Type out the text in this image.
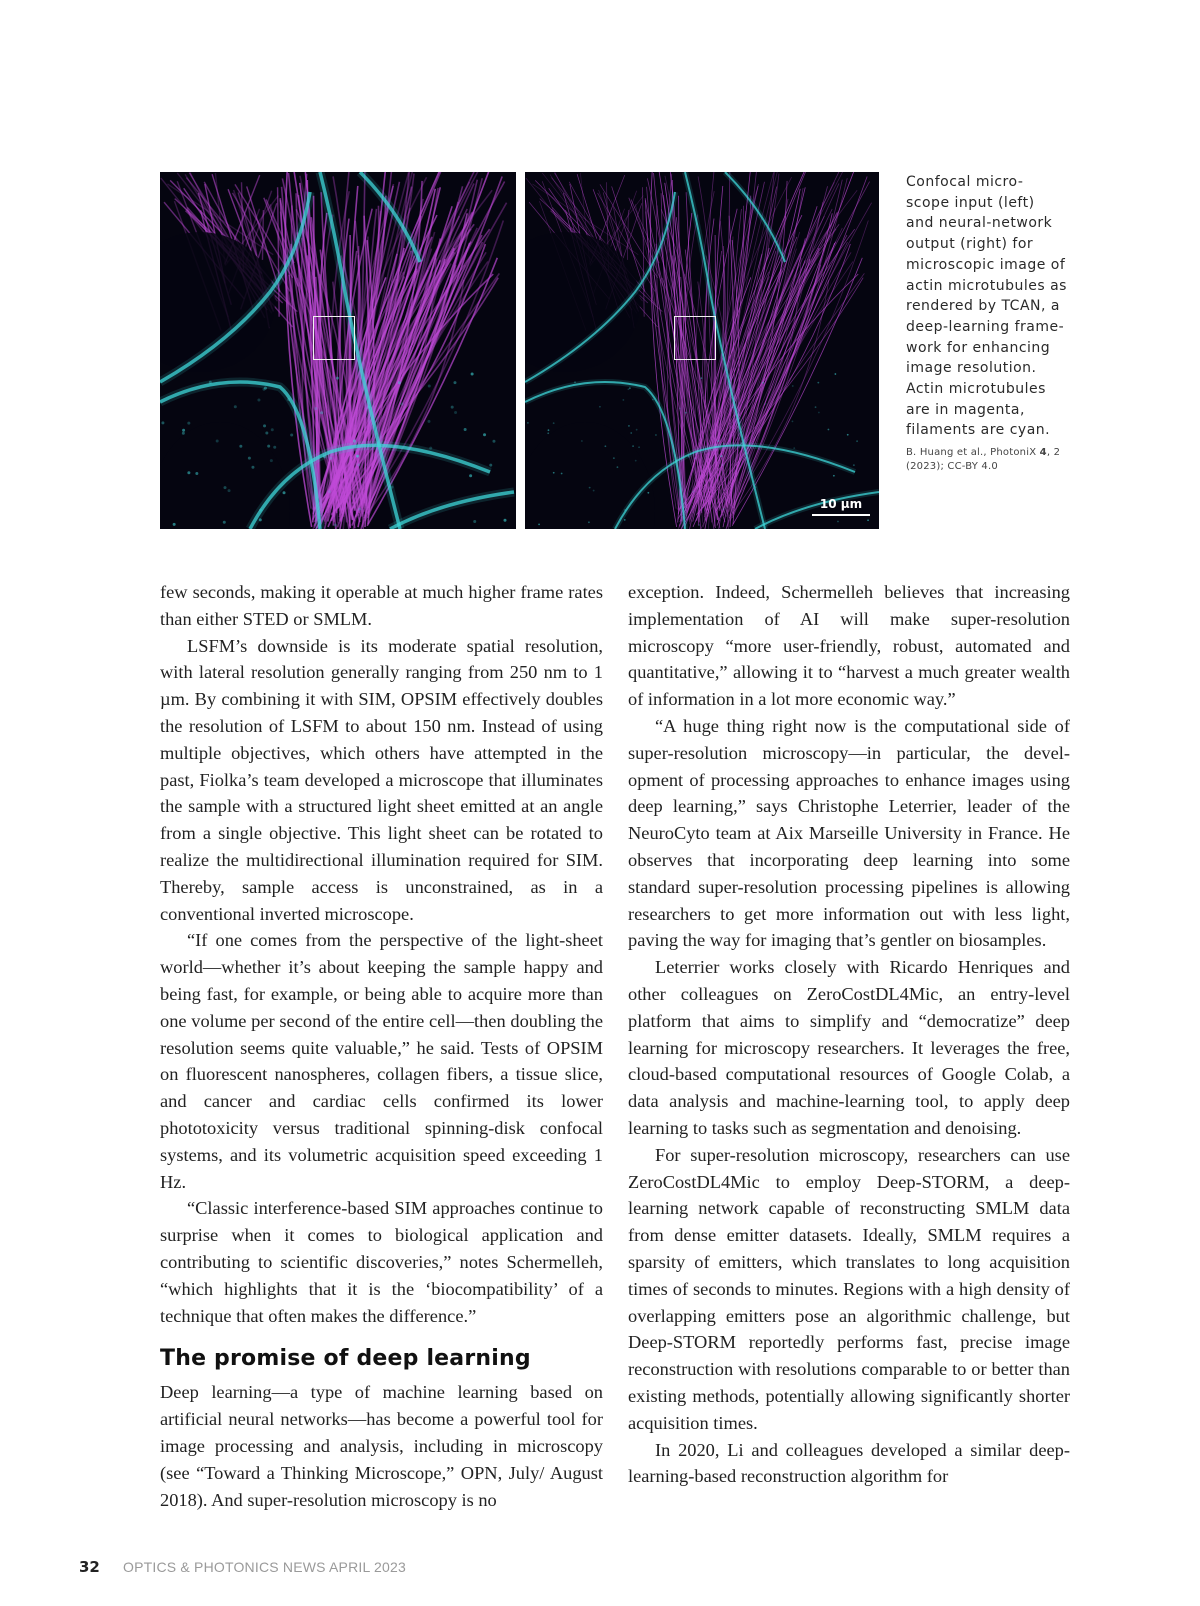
10 µm
Confocal micro-
scope input (left)
and neural-network
output (right) for
microscopic image of
actin microtubules as
rendered by TCAN, a
deep-learning frame-
work for enhancing
image resolution.
Actin microtubules
are in magenta,
filaments are cyan.
B. Huang et al., PhotoniX 4, 2 (2023); CC-BY 4.0

few seconds, making it operable at much higher frame rates than either STED or SMLM.

LSFM’s downside is its moderate spatial resolution, with lateral resolution generally ranging from 250 nm to 1 µm. By combining it with SIM, OPSIM effectively doubles the resolution of LSFM to about 150 nm. Instead of using multiple objectives, which others have attempted in the past, Fiolka’s team developed a microscope that illuminates the sample with a structured light sheet emitted at an angle from a single objective. This light sheet can be rotated to realize the multidirectional illumination required for SIM. Thereby, sample access is unconstrained, as in a conventional inverted microscope.

“If one comes from the perspective of the light-sheet world—whether it’s about keeping the sample happy and being fast, for example, or being able to acquire more than one volume per second of the entire cell—then doubling the resolution seems quite valuable,” he said. Tests of OPSIM on fluorescent nanospheres, collagen fibers, a tissue slice, and cancer and cardiac cells confirmed its lower phototoxicity versus traditional spinning-disk confocal systems, and its volumetric acquisition speed exceeding 1 Hz.

“Classic interference-based SIM approaches continue to surprise when it comes to biological application and contributing to scientific discoveries,” notes Schermelleh, “which highlights that it is the ‘biocompatibility’ of a technique that often makes the difference.”

The promise of deep learning

Deep learning—a type of machine learning based on artificial neural networks—has become a powerful tool for image processing and analysis, including in microscopy (see “Toward a Thinking Microscope,” OPN, July/ August 2018). And super-resolution microscopy is no

exception. Indeed, Schermelleh believes that increasing implementation of AI will make super-resolution microscopy “more user-friendly, robust, automated and quantitative,” allowing it to “harvest a much greater wealth of information in a lot more economic way.”

“A huge thing right now is the computational side of super-resolution microscopy—in particular, the development of processing approaches to enhance images using deep learning,” says Christophe Leterrier, leader of the NeuroCyto team at Aix Marseille University in France. He observes that incorporating deep learning into some standard super-resolution processing pipelines is allowing researchers to get more information out with less light, paving the way for imaging that’s gentler on biosamples.

Leterrier works closely with Ricardo Henriques and other colleagues on ZeroCostDL4Mic, an entry-level platform that aims to simplify and “democratize” deep learning for microscopy researchers. It leverages the free, cloud-based computational resources of Google Colab, a data analysis and machine-learning tool, to apply deep learning to tasks such as segmentation and denoising.

For super-resolution microscopy, researchers can use ZeroCostDL4Mic to employ Deep-STORM, a deep-learning network capable of reconstructing SMLM data from dense emitter datasets. Ideally, SMLM requires a sparsity of emitters, which translates to long acquisition times of seconds to minutes. Regions with a high density of overlapping emitters pose an algorithmic challenge, but Deep-STORM reportedly performs fast, precise image reconstruction with resolutions comparable to or better than existing methods, potentially allowing significantly shorter acquisition times.

In 2020, Li and colleagues developed a similar deep-learning-based reconstruction algorithm for

32 OPTICS & PHOTONICS NEWS APRIL 2023
